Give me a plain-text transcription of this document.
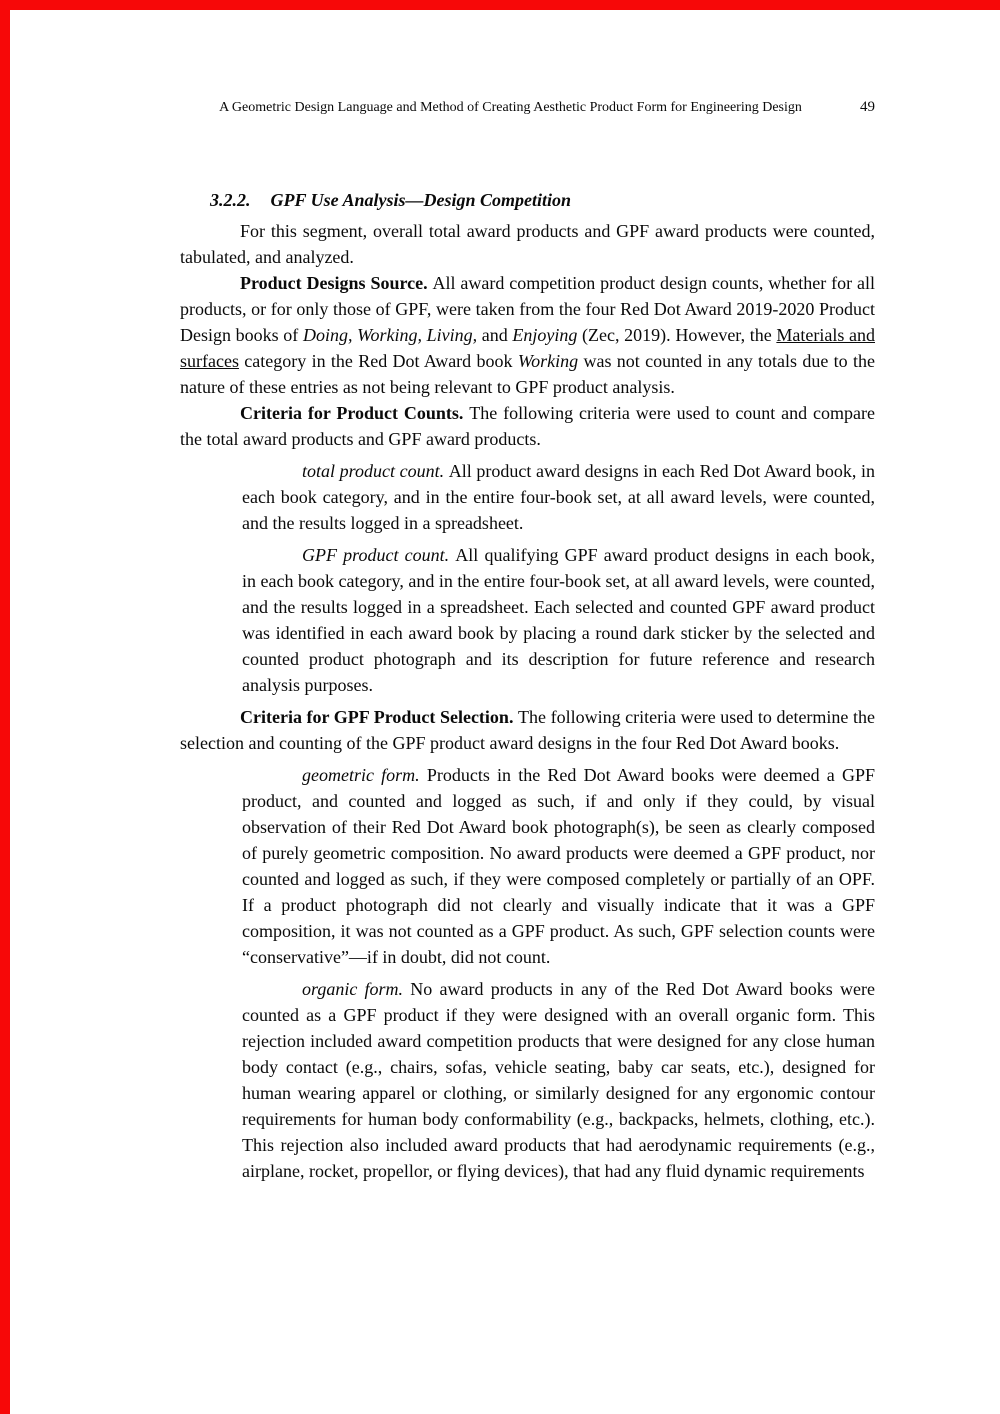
A Geometric Design Language and Method of Creating Aesthetic Product Form for Engineering Design	49

3.2.2. GPF Use Analysis—Design Competition

For this segment, overall total award products and GPF award products were counted, tabulated, and analyzed.

Product Designs Source. All award competition product design counts, whether for all products, or for only those of GPF, were taken from the four Red Dot Award 2019-2020 Product Design books of Doing, Working, Living, and Enjoying (Zec, 2019). However, the Materials and surfaces category in the Red Dot Award book Working was not counted in any totals due to the nature of these entries as not being relevant to GPF product analysis.

Criteria for Product Counts. The following criteria were used to count and compare the total award products and GPF award products.

total product count. All product award designs in each Red Dot Award book, in each book category, and in the entire four-book set, at all award levels, were counted, and the results logged in a spreadsheet.

GPF product count. All qualifying GPF award product designs in each book, in each book category, and in the entire four-book set, at all award levels, were counted, and the results logged in a spreadsheet. Each selected and counted GPF award product was identified in each award book by placing a round dark sticker by the selected and counted product photograph and its description for future reference and research analysis purposes.

Criteria for GPF Product Selection. The following criteria were used to determine the selection and counting of the GPF product award designs in the four Red Dot Award books.

geometric form. Products in the Red Dot Award books were deemed a GPF product, and counted and logged as such, if and only if they could, by visual observation of their Red Dot Award book photograph(s), be seen as clearly composed of purely geometric composition. No award products were deemed a GPF product, nor counted and logged as such, if they were composed completely or partially of an OPF. If a product photograph did not clearly and visually indicate that it was a GPF composition, it was not counted as a GPF product. As such, GPF selection counts were “conservative”—if in doubt, did not count.

organic form. No award products in any of the Red Dot Award books were counted as a GPF product if they were designed with an overall organic form. This rejection included award competition products that were designed for any close human body contact (e.g., chairs, sofas, vehicle seating, baby car seats, etc.), designed for human wearing apparel or clothing, or similarly designed for any ergonomic contour requirements for human body conformability (e.g., backpacks, helmets, clothing, etc.). This rejection also included award products that had aerodynamic requirements (e.g., airplane, rocket, propellor, or flying devices), that had any fluid dynamic requirements
